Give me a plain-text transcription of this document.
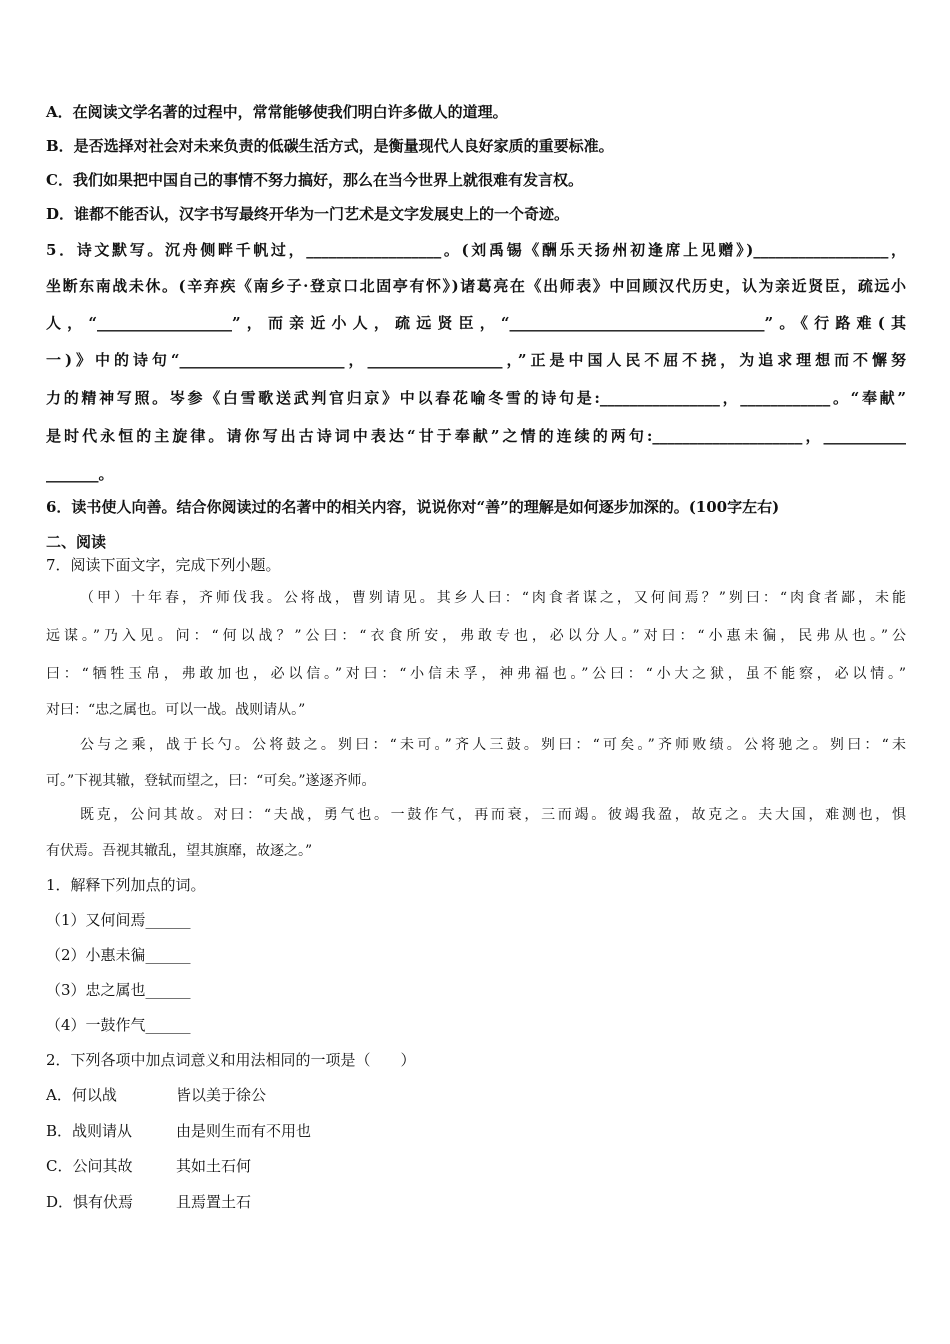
A．在阅读文学名著的过程中，常常能够使我们明白许多做人的道理。
B．是否选择对社会对未来负责的低碳生活方式，是衡量现代人良好家质的重要标准。
C．我们如果把中国自己的事情不努力搞好，那么在当今世界上就很难有发言权。
D．谁都不能否认，汉字书写最终开华为一门艺术是文字发展史上的一个奇迹。
5．诗文默写。沉舟侧畔千帆过，__________________。(刘禹锡《酬乐天扬州初逢席上见赠》)__________________，
坐断东南战未休。(辛弃疾《南乡子·登京口北固亭有怀》)诸葛亮在《出师表》中回顾汉代历史，认为亲近贤臣，疏远小
人，“__________________”，而亲近小人，疏远贤臣，“__________________________________”。《行路难(其
一)》中的诗句“______________________，__________________，”正是中国人民不屈不挠，为追求理想而不懈努
力的精神写照。岑参《白雪歌送武判官归京》中以春花喻冬雪的诗句是:________________，____________。“奉献”
是时代永恒的主旋律。请你写出古诗词中表达“甘于奉献”之情的连续的两句:____________________，___________
_______。
6．读书使人向善。结合你阅读过的名著中的相关内容，说说你对“善”的理解是如何逐步加深的。(100字左右)
二、阅读
7．阅读下面文字，完成下列小题。
（甲）十年春，齐师伐我。公将战，曹刿请见。其乡人曰：“肉食者谋之，又何间焉？”刿曰：“肉食者鄙，未能
远谋。”乃入见。问：“何以战？”公曰：“衣食所安，弗敢专也，必以分人。”对曰：“小惠未徧，民弗从也。”公
曰：“牺牲玉帛，弗敢加也，必以信。”对曰：“小信未孚，神弗福也。”公曰：“小大之狱，虽不能察，必以情。”
对曰：“忠之属也。可以一战。战则请从。”
公与之乘，战于长勺。公将鼓之。刿曰：“未可。”齐人三鼓。刿曰：“可矣。”齐师败绩。公将驰之。刿曰：“未
可。”下视其辙，登轼而望之，曰：“可矣。”遂逐齐师。
既克，公问其故。对曰：“夫战，勇气也。一鼓作气，再而衰，三而竭。彼竭我盈，故克之。夫大国，难测也，惧
有伏焉。吾视其辙乱，望其旗靡，故逐之。”
1．解释下列加点的词。
（1）又何间焉______
（2）小惠未徧______
（3）忠之属也______
（4）一鼓作气______
2．下列各项中加点词意义和用法相同的一项是（　　）
A．何以战	皆以美于徐公
B．战则请从	由是则生而有不用也
C．公问其故	其如土石何
D．惧有伏焉	且焉置土石
